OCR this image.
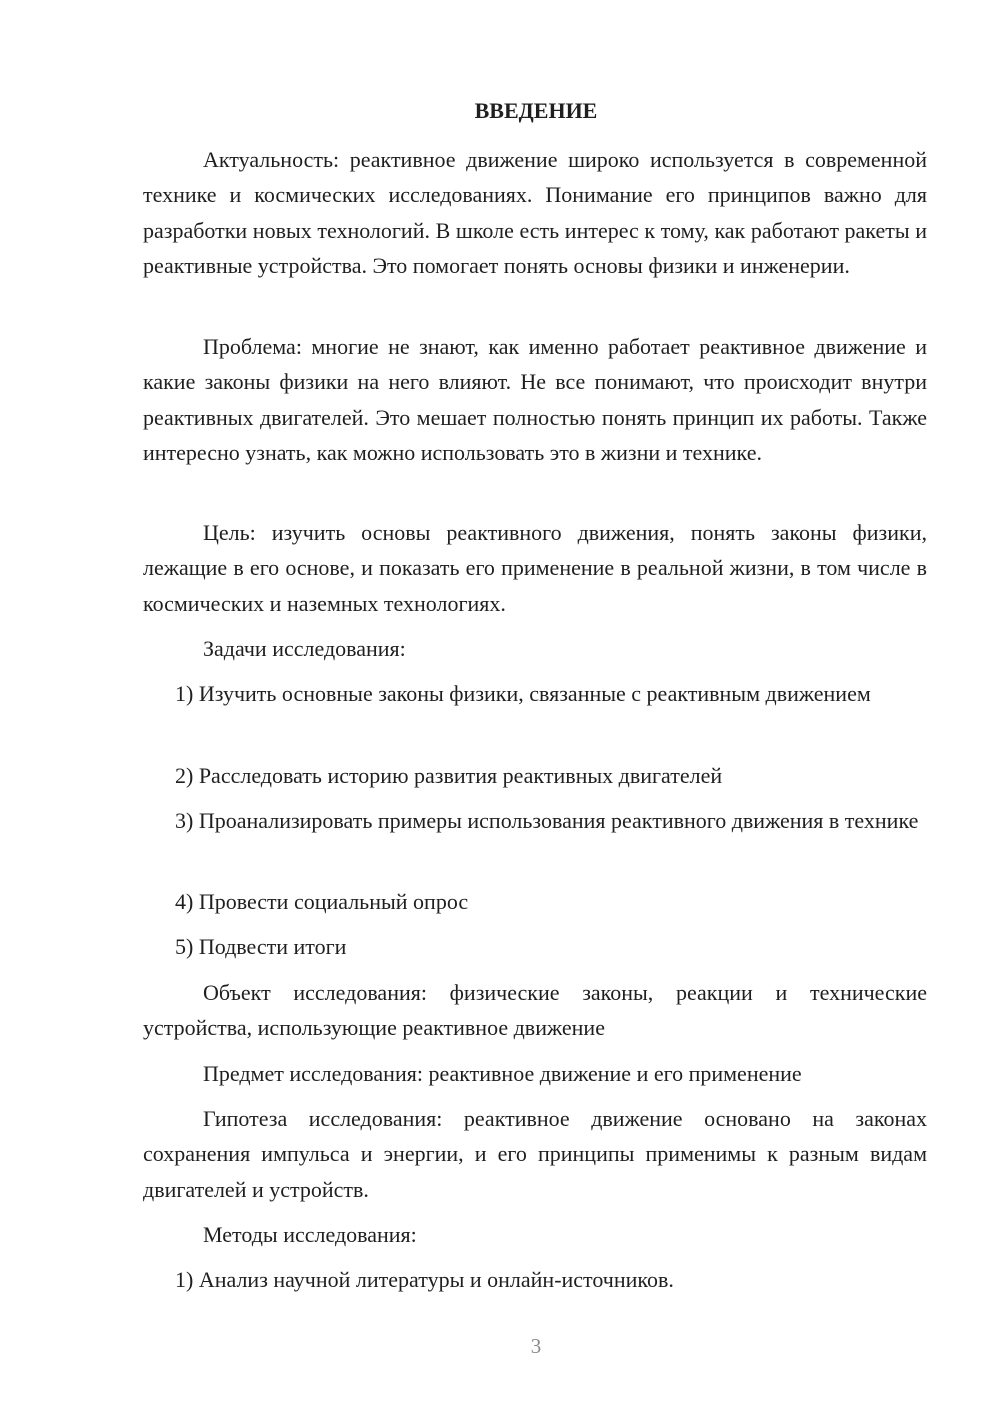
ВВЕДЕНИЕ

Актуальность: реактивное движение широко используется в современной технике и космических исследованиях. Понимание его принципов важно для разработки новых технологий. В школе есть интерес к тому, как работают ракеты и реактивные устройства. Это помогает понять основы физики и инженерии.

Проблема: многие не знают, как именно работает реактивное движение и какие законы физики на него влияют. Не все понимают, что происходит внутри реактивных двигателей. Это мешает полностью понять принцип их работы. Также интересно узнать, как можно использовать это в жизни и технике.

Цель: изучить основы реактивного движения, понять законы физики, лежащие в его основе, и показать его применение в реальной жизни, в том числе в космических и наземных технологиях.

Задачи исследования:

1) Изучить основные законы физики, связанные с реактивным движением

2) Расследовать историю развития реактивных двигателей

3) Проанализировать примеры использования реактивного движения в технике

4) Провести социальный опрос

5) Подвести итоги

Объект исследования: физические законы, реакции и технические устройства, использующие реактивное движение

Предмет исследования: реактивное движение и его применение

Гипотеза исследования: реактивное движение основано на законах сохранения импульса и энергии, и его принципы применимы к разным видам двигателей и устройств.

Методы исследования:

1) Анализ научной литературы и онлайн-источников.

3
